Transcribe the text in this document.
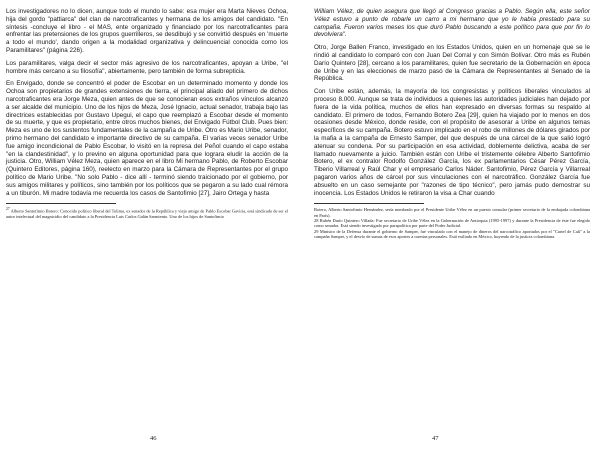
Los investigadores no lo dicen, aunque todo el mundo lo sabe: esa mujer era Marta Nieves Ochoa, hija del gordo "pattiarca" del clan de narcotraficantes y hermana de los amigos del candidato. "En síntesis -concluye el libro - el MAS, ente organizado y financiado por los narcotraficantes para enfrentar las pretensiones de los grupos guerrilleros, se desdibujó y se convirtió después en 'muerte a todo el mundo', dando origen a la modalidad organizativa y delincuencial conocida como los Paramilitares" (página 226).

Los paramilitares, valga decir el sector más agresivo de los narcotraficantes, apoyan a Uribe, "el hombre más cercano a su filosofía", abiertamente, pero también de forma subrepticia.

En Envigado, donde se concentró el poder de Escobar en un determinado momento y donde los Ochoa son propietarios de grandes extensiones de tierra, el principal aliado del primero de dichos narcotraficantes era Jorge Meza, quien antes de que se conocieran esos extraños vínculos alcanzó a ser alcalde del municipio. Uno de los hijos de Meza, José Ignacio, actual senador, trabaja bajo las directrices establecidas por Gustavo Upegui, el capo que reemplazó a Escobar desde el momento de su muerte, y que es propietario, entre otros muchos bienes, del Envigado Fútbol Club. Pues bien: Meza es uno de los sustentos fundamentales de la campaña de Uribe. Otro es Mario Uribe, senador, primo hermano del candidato e importante directivo de su campaña. El varias veces senador Uribe fue amigo incondicional de Pablo Escobar, lo visitó en la represa del Peñol cuando el capo estaba "en la clandestinidad", y lo previno en alguna oportunidad para que lograra eludir la acción de la justicia. Otro, William Vélez Meza, quien aparece en el libro Mi hermano Pablo, de Roberto Escobar (Quintero Editores, página 160), reelecto en marzo para la Cámara de Representantes por el grupo político de Mario Uribe. "No solo Pablo - dice allí - terminó siendo traicionado por el gobierno, por sus amigos militares y políticos, sino también por los políticos que se pegaron a su lado cual rémora a un tiburón. Mi madre todavía me recuerda los casos de Santofimio [27], Jairo Ortega y hasta

$^{27}$ Alberto Santofimio Botero: Conocido político liberal del Tolima, ex senador de la República y viejo amigo de Pablo Escobar Gaviria, está sindicado de ser el autor intelectual del magnicidio del candidato a la Presidencia Luis Carlos Galán Sarmiento. Uno de los hijos de Santofimio

46

William Vélez, de quien asegura que llegó al Congreso gracias a Pablo. Según ella, este señor Vélez estuvo a punto de robarle un carro a mi hermano que yo le había prestado para su campaña. Fueron varios meses los que duró Pablo buscando a este político para que por fin lo devolviera".

Otro, Jorge Ballen Franco, investigado en los Estados Unidos, quien en un homenaje que se le rindió al candidato lo comparó con con Juan Del Corral y con Simón Bolívar. Otro más es Rubén Darío Quintero [28], cercano a los paramilitares, quien fue secretario de la Gobernación en época de Uribe y en las elecciones de marzo pasó de la Cámara de Representantes al Senado de la República.

Con Uribe están, además, la mayoría de los congresistas y políticos liberales vinculados al proceso 8.000. Aunque se trata de individuos a quienes las autoridades judiciales han dejado por fuera de la vida política, muchos de ellos han expresado en diversas formas su respaldo al candidato. El primero de todos, Fernando Botero Zea [29], quien ha viajado por lo menos en dos ocasiones desde México, donde reside, con el propósito de asesorar a Uribe en algunos temas específicos de su campaña. Botero estuvo implicado en el robo de millones de dólares girados por la mafia a la campaña de Ernesto Samper, del que después de una cárcel de la que salió logró atenuar su condena. Por su participación en esa actividad, doblemente delictiva, acaba de ser llamado nuevamente a juicio. También están con Uribe el tristemente célebre Alberto Santofimio Botero, el ex contralor Rodolfo González García, los ex parlamentarios César Pérez García, Tiberio Villarreal y Raúl Char y el empresario Carlos Náder. Santofimio, Pérez García y Villarreal pagaron varios años de cárcel por sus vinculaciones con el narcotráfico. González García fue absuelto en un caso semejante por "razones de tipo técnico", pero jamás pudo demostrar su inocencia. Los Estados Unidos le retiraron la visa a Char cuando

Botero, Alberto Santofimio Hernández, sería nombrado por el Presidente Uribe Vélez en un puesto consular (primer secretario de la embajada colombiana en París).

28 Rubén Darío Quintero Villada: Fue secretario de Uribe Vélez en la Gobernación de Antioquia (1995-1997) y durante la Presidencia de éste fue elegido como senador. Está siendo investigado por parapolítica por parte del Poder Judicial.

29 Ministro de la Defensa durante el gobierno de Samper, fue vinculado con el manejo de dineros del narcotráfico aportados por el "Cartel de Cali" a la campaña Samper, y el desvío de sumas de esos aportes a cuentas personales. Está exiliado en México, huyendo de la justicia colombiana.

47
